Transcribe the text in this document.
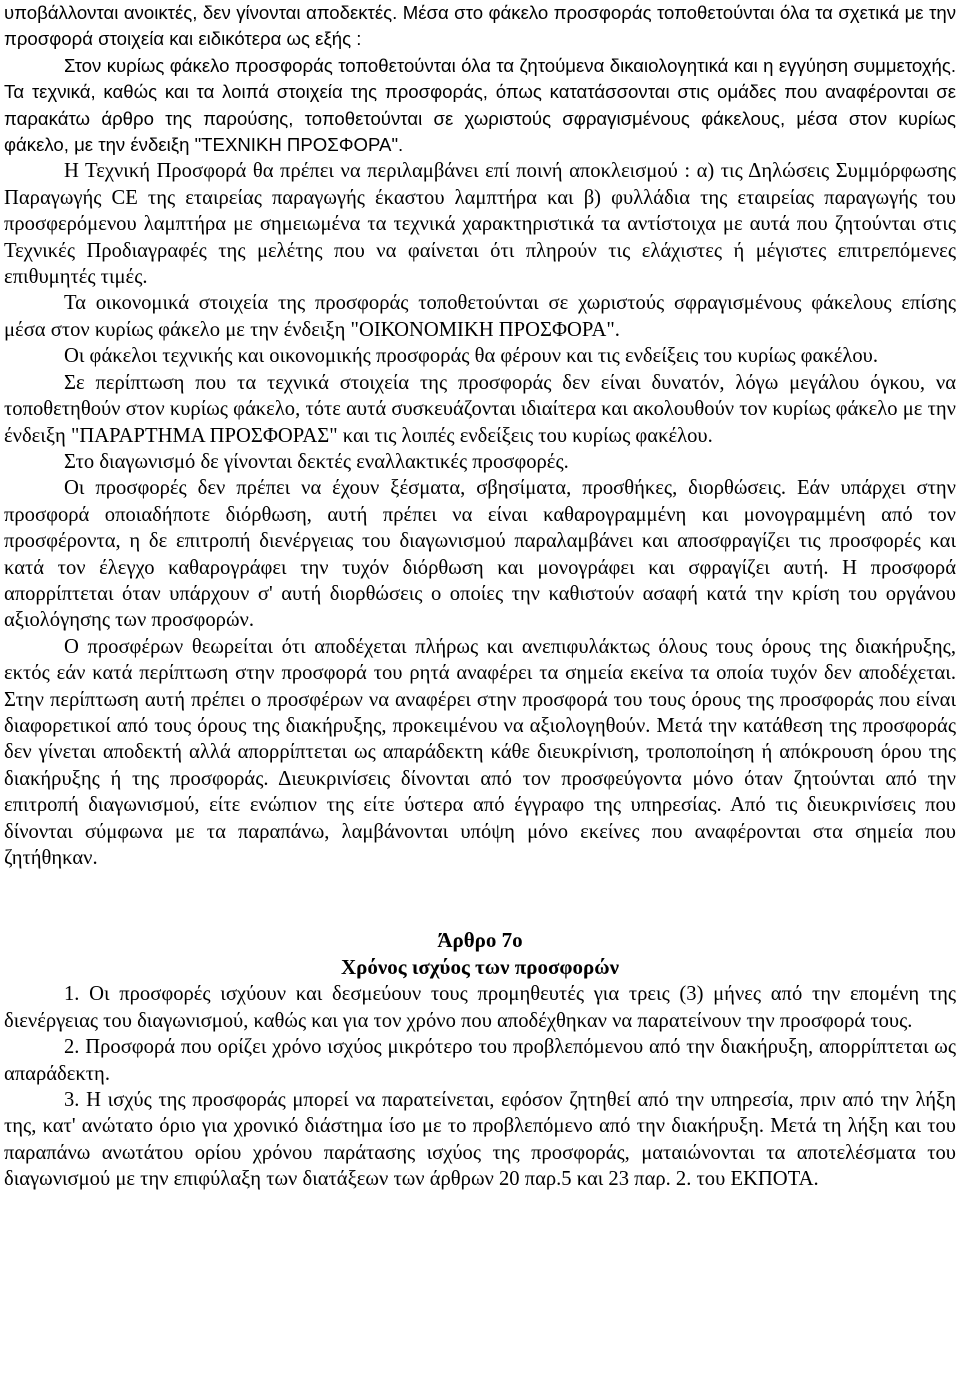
υποβάλλονται ανοικτές, δεν γίνονται αποδεκτές. Μέσα στο φάκελο προσφοράς τοποθετούνται όλα τα σχετικά με την προσφορά στοιχεία και ειδικότερα ως εξής :

Στον κυρίως φάκελο προσφοράς τοποθετούνται όλα τα ζητούμενα δικαιολογητικά και η εγγύηση συμμετοχής. Τα τεχνικά, καθώς και τα λοιπά στοιχεία της προσφοράς, όπως κατατάσσονται στις ομάδες που αναφέρονται σε παρακάτω άρθρο της παρούσης, τοποθετούνται σε χωριστούς σφραγισμένους φάκελους, μέσα στον κυρίως φάκελο, με την ένδειξη "ΤΕΧΝΙΚΗ ΠΡΟΣΦΟΡΑ".

Η Τεχνική Προσφορά θα πρέπει να περιλαμβάνει επί ποινή αποκλεισμού : α) τις Δηλώσεις Συμμόρφωσης Παραγωγής CE της εταιρείας παραγωγής έκαστου λαμπτήρα και β) φυλλάδια της εταιρείας παραγωγής του προσφερόμενου λαμπτήρα με σημειωμένα τα τεχνικά χαρακτηριστικά τα αντίστοιχα με αυτά που ζητούνται στις Τεχνικές Προδιαγραφές της μελέτης που να φαίνεται ότι πληρούν τις ελάχιστες ή μέγιστες επιτρεπόμενες επιθυμητές τιμές.

Τα οικονομικά στοιχεία της προσφοράς τοποθετούνται σε χωριστούς σφραγισμένους φάκελους επίσης μέσα στον κυρίως φάκελο με την ένδειξη "ΟΙΚΟΝΟΜΙΚΗ ΠΡΟΣΦΟΡΑ".

Οι φάκελοι τεχνικής και οικονομικής προσφοράς θα φέρουν και τις ενδείξεις του κυρίως φακέλου.

Σε περίπτωση που τα τεχνικά στοιχεία της προσφοράς δεν είναι δυνατόν, λόγω μεγάλου όγκου, να τοποθετηθούν στον κυρίως φάκελο, τότε αυτά συσκευάζονται ιδιαίτερα και ακολουθούν τον κυρίως φάκελο με την ένδειξη "ΠΑΡΑΡΤΗΜΑ ΠΡΟΣΦΟΡΑΣ" και τις λοιπές ενδείξεις του κυρίως φακέλου.

Στο διαγωνισμό δε γίνονται δεκτές εναλλακτικές προσφορές.

Οι προσφορές δεν πρέπει να έχουν ξέσματα, σβησίματα, προσθήκες, διορθώσεις. Εάν υπάρχει στην προσφορά οποιαδήποτε διόρθωση, αυτή πρέπει να είναι καθαρογραμμένη και μονογραμμένη από τον προσφέροντα, η δε επιτροπή διενέργειας του διαγωνισμού παραλαμβάνει και αποσφραγίζει τις προσφορές και κατά τον έλεγχο καθαρογράφει την τυχόν διόρθωση και μονογράφει και σφραγίζει αυτή. Η προσφορά απορρίπτεται όταν υπάρχουν σ' αυτή διορθώσεις ο οποίες την καθιστούν ασαφή κατά την κρίση του οργάνου αξιολόγησης των προσφορών.

Ο προσφέρων θεωρείται ότι αποδέχεται πλήρως και ανεπιφυλάκτως όλους τους όρους της διακήρυξης, εκτός εάν κατά περίπτωση στην προσφορά του ρητά αναφέρει τα σημεία εκείνα τα οποία τυχόν δεν αποδέχεται. Στην περίπτωση αυτή πρέπει ο προσφέρων να αναφέρει στην προσφορά του τους όρους της προσφοράς που είναι διαφορετικοί από τους όρους της διακήρυξης, προκειμένου να αξιολογηθούν. Μετά την κατάθεση της προσφοράς δεν γίνεται αποδεκτή αλλά απορρίπτεται ως απαράδεκτη κάθε διευκρίνιση, τροποποίηση ή απόκρουση όρου της διακήρυξης ή της προσφοράς. Διευκρινίσεις δίνονται από τον προσφεύγοντα μόνο όταν ζητούνται από την επιτροπή διαγωνισμού, είτε ενώπιον της είτε ύστερα από έγγραφο της υπηρεσίας. Από τις διευκρινίσεις που δίνονται σύμφωνα με τα παραπάνω, λαμβάνονται υπόψη μόνο εκείνες που αναφέρονται στα σημεία που ζητήθηκαν.

Άρθρο 7ο

Χρόνος ισχύος των προσφορών

1. Οι προσφορές ισχύουν και δεσμεύουν τους προμηθευτές για τρεις (3) μήνες από την επομένη της διενέργειας του διαγωνισμού, καθώς και για τον χρόνο που αποδέχθηκαν να παρατείνουν την προσφορά τους.

2. Προσφορά που ορίζει χρόνο ισχύος μικρότερο του προβλεπόμενου από την διακήρυξη, απορρίπτεται ως απαράδεκτη.

3. Η ισχύς της προσφοράς μπορεί να παρατείνεται, εφόσον ζητηθεί από την υπηρεσία, πριν από την λήξη της, κατ' ανώτατο όριο για χρονικό διάστημα ίσο με το προβλεπόμενο από την διακήρυξη. Μετά τη λήξη και του παραπάνω ανωτάτου ορίου χρόνου παράτασης ισχύος της προσφοράς, ματαιώνονται τα αποτελέσματα του διαγωνισμού με την επιφύλαξη των διατάξεων των άρθρων 20 παρ.5 και 23 παρ. 2. του ΕΚΠΟΤΑ.
